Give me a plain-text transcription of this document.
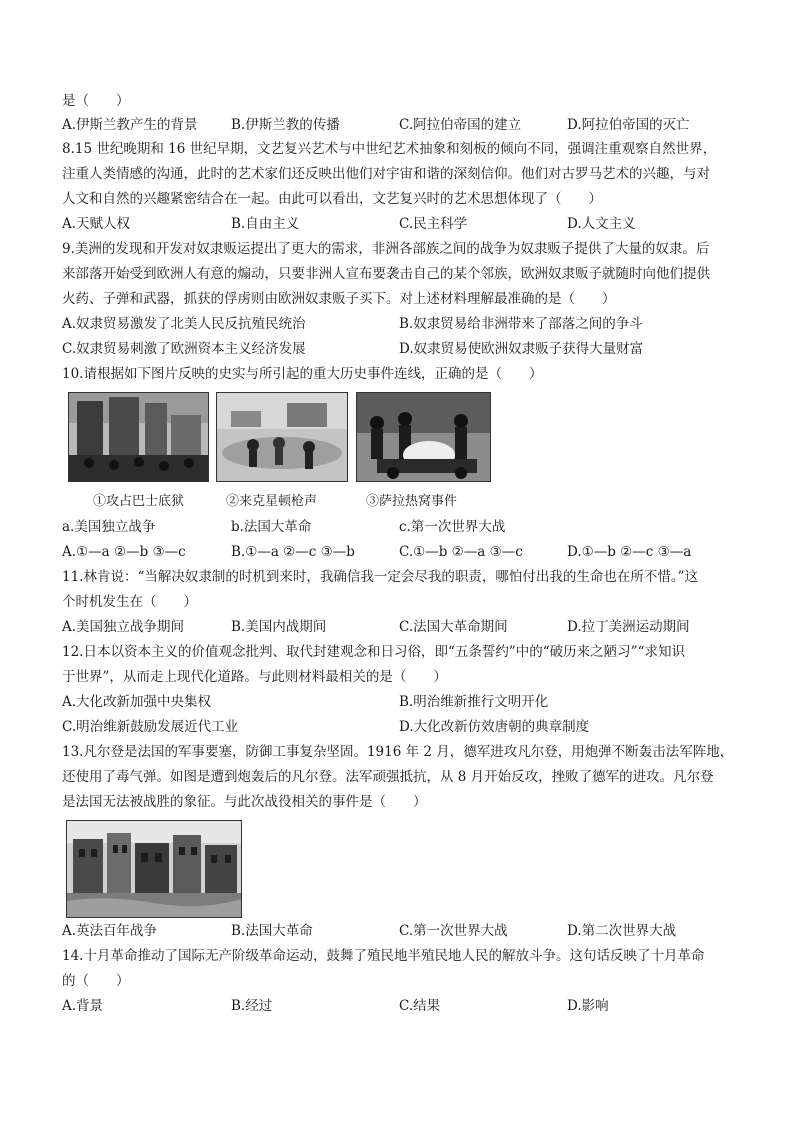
是（　　）
A.伊斯兰教产生的背景 B.伊斯兰教的传播	C.阿拉伯帝国的建立	D.阿拉伯帝国的灭亡
8.15 世纪晚期和 16 世纪早期，文艺复兴艺术与中世纪艺术抽象和刻板的倾向不同，强调注重观察自然世界，
注重人类情感的沟通，此时的艺术家们还反映出他们对宇宙和谐的深刻信仰。他们对古罗马艺术的兴趣，与对
人文和自然的兴趣紧密结合在一起。由此可以看出，文艺复兴时的艺术思想体现了（　　）
A.天赋人权	B.自由主义	C.民主科学	D.人文主义
9.美洲的发现和开发对奴隶贩运提出了更大的需求，非洲各部族之间的战争为奴隶贩子提供了大量的奴隶。后
来部落开始受到欧洲人有意的煽动，只要非洲人宣布要袭击自己的某个邻族，欧洲奴隶贩子就随时向他们提供
火药、子弹和武器，抓获的俘虏则由欧洲奴隶贩子买下。对上述材料理解最准确的是（　　）
A.奴隶贸易激发了北美人民反抗殖民统治	B.奴隶贸易给非洲带来了部落之间的争斗
C.奴隶贸易刺激了欧洲资本主义经济发展	D.奴隶贸易使欧洲奴隶贩子获得大量财富
10.请根据如下图片反映的史实与所引起的重大历史事件连线，正确的是（　　）
①攻占巴士底狱	②来克星顿枪声	③萨拉热窝事件
a.美国独立战争	b.法国大革命	c.第一次世界大战
A.①—a ②—b ③—c	B.①—a ②—c ③—b	C.①—b ②—a ③—c	D.①—b ②—c ③—a
11.林肯说：“当解决奴隶制的时机到来时，我确信我一定会尽我的职责，哪怕付出我的生命也在所不惜。”这
个时机发生在（　　）
A.美国独立战争期间	B.美国内战期间	C.法国大革命期间	D.拉丁美洲运动期间
12.日本以资本主义的价值观念批判、取代封建观念和日习俗，即“五条誓约”中的“破历来之陋习”“求知识
于世界”，从而走上现代化道路。与此则材料最相关的是（　　）
A.大化改新加强中央集权	B.明治维新推行文明开化
C.明治维新鼓励发展近代工业	D.大化改新仿效唐朝的典章制度
13.凡尔登是法国的军事要塞，防御工事复杂坚固。1916 年 2 月，德军进攻凡尔登，用炮弹不断轰击法军阵地，
还使用了毒气弹。如图是遭到炮轰后的凡尔登。法军顽强抵抗，从 8 月开始反攻，挫败了德军的进攻。凡尔登
是法国无法被战胜的象征。与此次战役相关的事件是（　　）
A.英法百年战争	B.法国大革命	C.第一次世界大战	D.第二次世界大战
14.十月革命推动了国际无产阶级革命运动，鼓舞了殖民地半殖民地人民的解放斗争。这句话反映了十月革命
的（　　）
A.背景	B.经过	C.结果	D.影响
